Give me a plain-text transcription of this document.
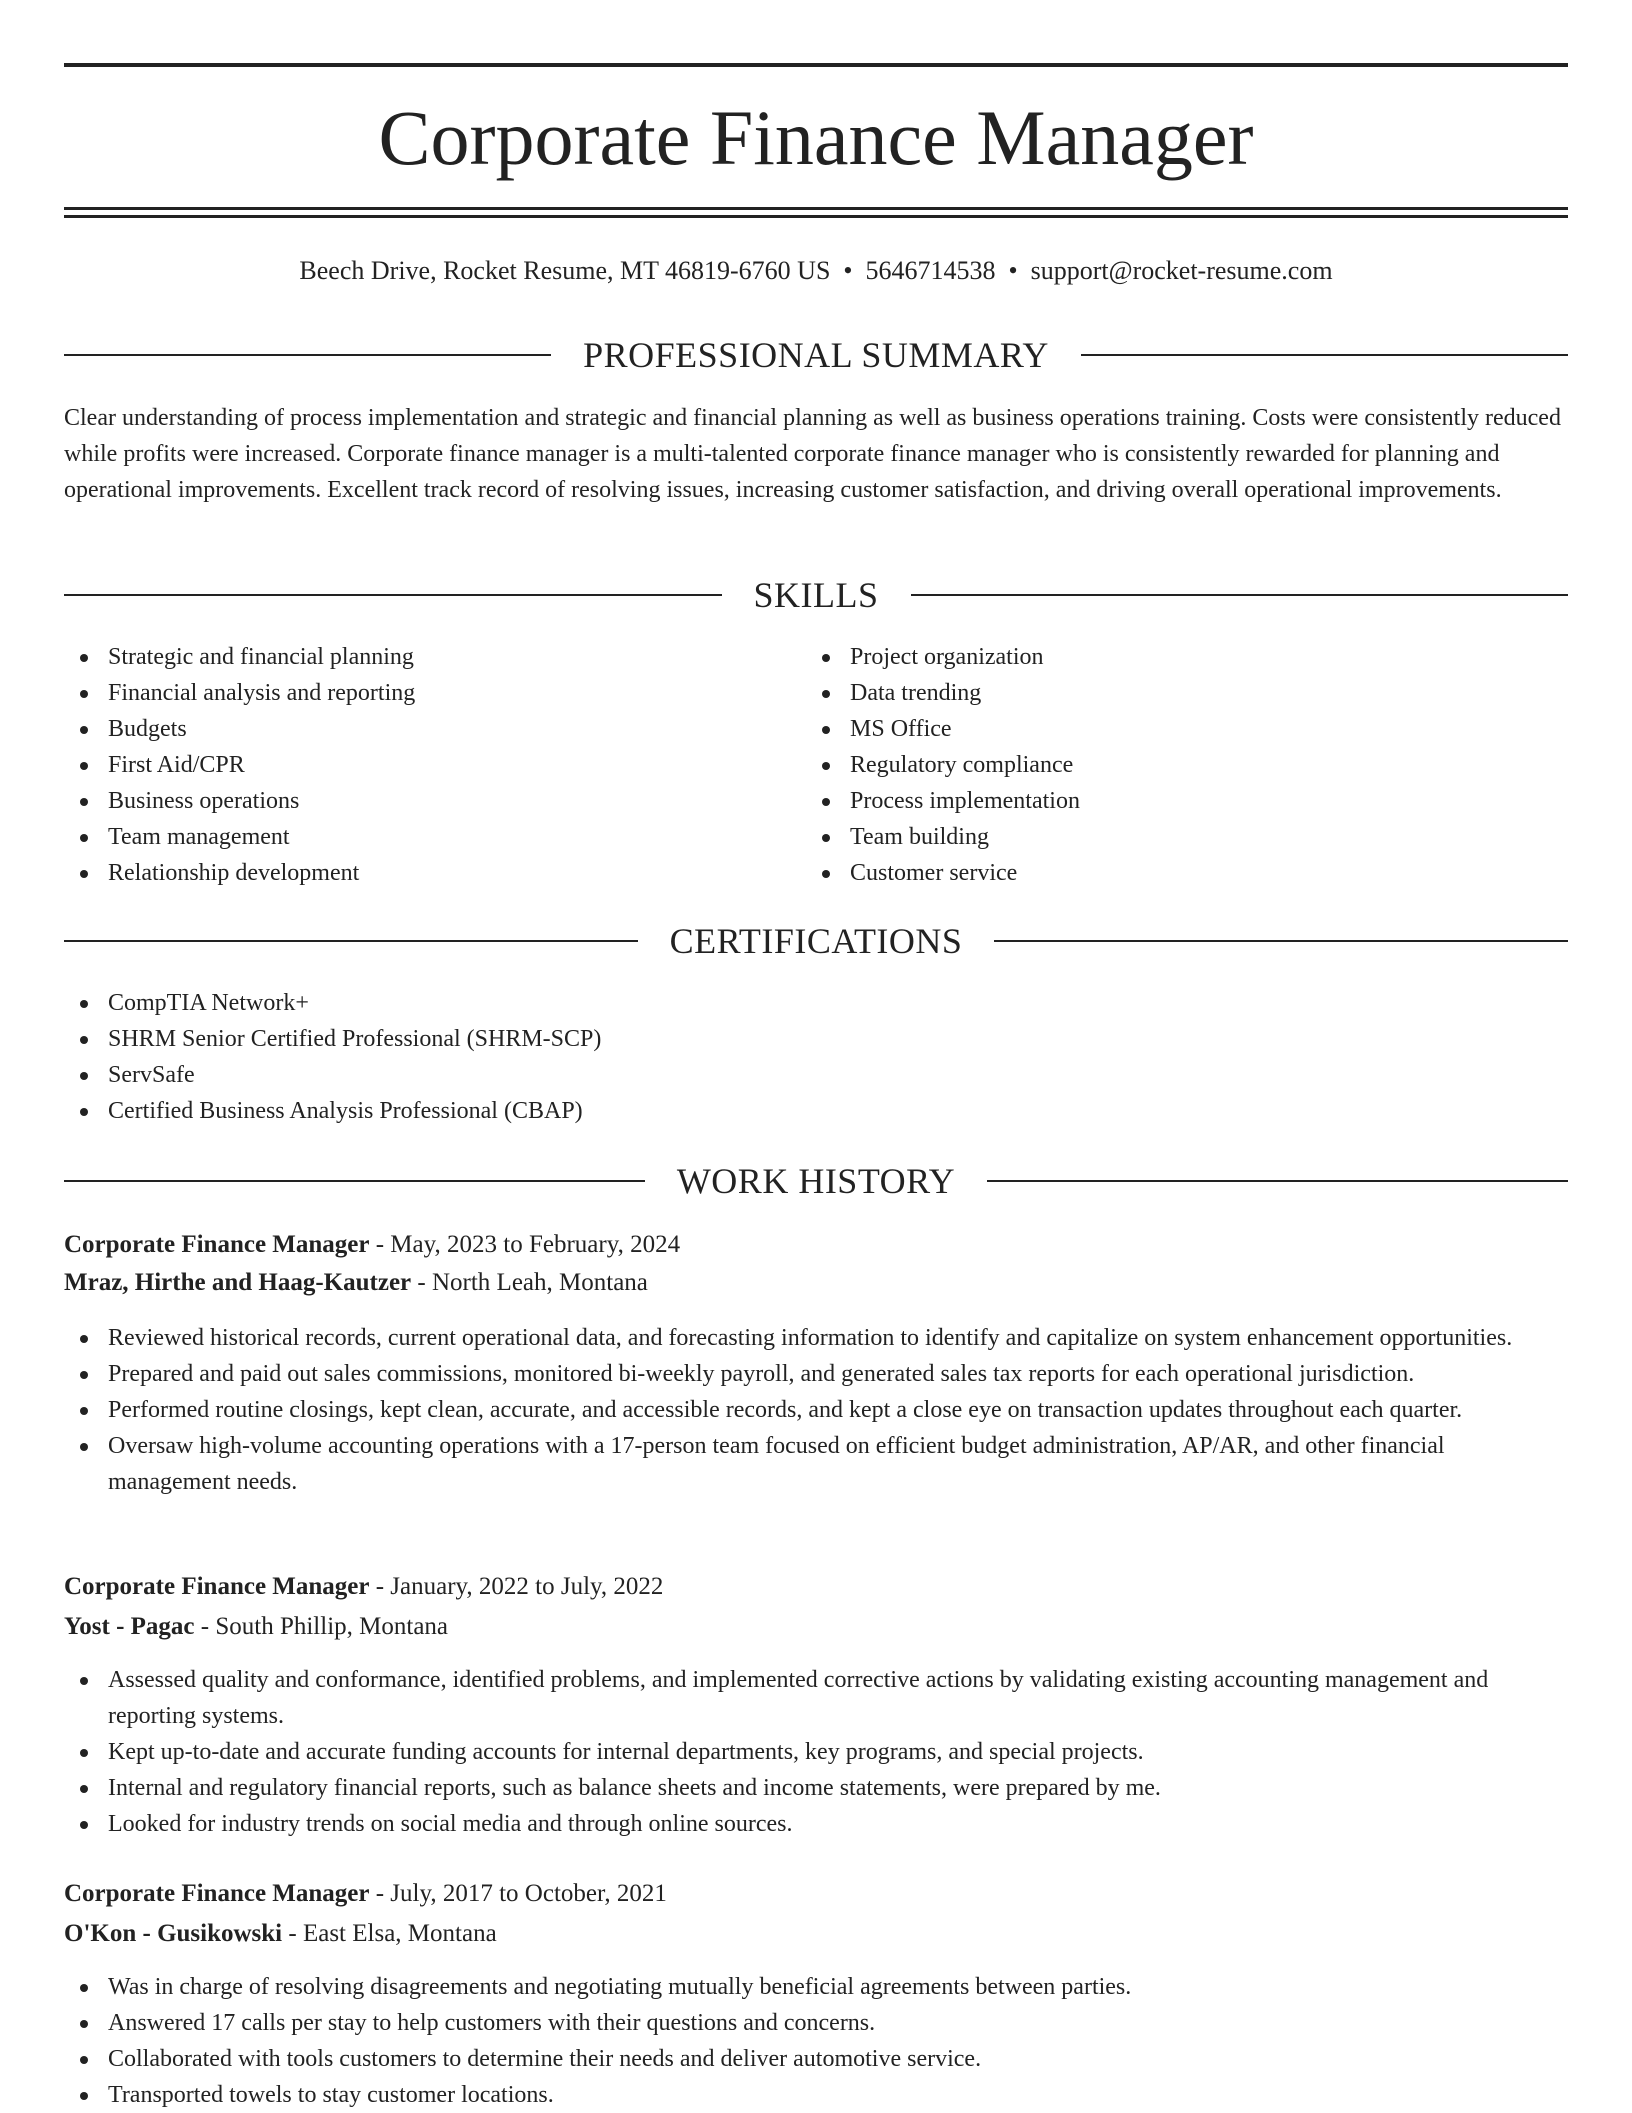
Corporate Finance Manager
Beech Drive, Rocket Resume, MT 46819-6760 US • 5646714538 • support@rocket-resume.com
PROFESSIONAL SUMMARY

Clear understanding of process implementation and strategic and financial planning as well as business operations training. Costs were consistently reduced while profits were increased. Corporate finance manager is a multi-talented corporate finance manager who is consistently rewarded for planning and operational improvements. Excellent track record of resolving issues, increasing customer satisfaction, and driving overall operational improvements.

SKILLS
Strategic and financial planning
Financial analysis and reporting
Budgets
First Aid/CPR
Business operations
Team management
Relationship development
Project organization
Data trending
MS Office
Regulatory compliance
Process implementation
Team building
Customer service
CERTIFICATIONS
CompTIA Network+
SHRM Senior Certified Professional (SHRM-SCP)
ServSafe
Certified Business Analysis Professional (CBAP)
WORK HISTORY
Corporate Finance Manager - May, 2023 to February, 2024
Mraz, Hirthe and Haag-Kautzer - North Leah, Montana
Reviewed historical records, current operational data, and forecasting information to identify and capitalize on system enhancement opportunities.
Prepared and paid out sales commissions, monitored bi-weekly payroll, and generated sales tax reports for each operational jurisdiction.
Performed routine closings, kept clean, accurate, and accessible records, and kept a close eye on transaction updates throughout each quarter.
Oversaw high-volume accounting operations with a 17-person team focused on efficient budget administration, AP/AR, and other financial management needs.
Corporate Finance Manager - January, 2022 to July, 2022
Yost - Pagac - South Phillip, Montana
Assessed quality and conformance, identified problems, and implemented corrective actions by validating existing accounting management and reporting systems.
Kept up-to-date and accurate funding accounts for internal departments, key programs, and special projects.
Internal and regulatory financial reports, such as balance sheets and income statements, were prepared by me.
Looked for industry trends on social media and through online sources.
Corporate Finance Manager - July, 2017 to October, 2021
O'Kon - Gusikowski - East Elsa, Montana
Was in charge of resolving disagreements and negotiating mutually beneficial agreements between parties.
Answered 17 calls per stay to help customers with their questions and concerns.
Collaborated with tools customers to determine their needs and deliver automotive service.
Transported towels to stay customer locations.
